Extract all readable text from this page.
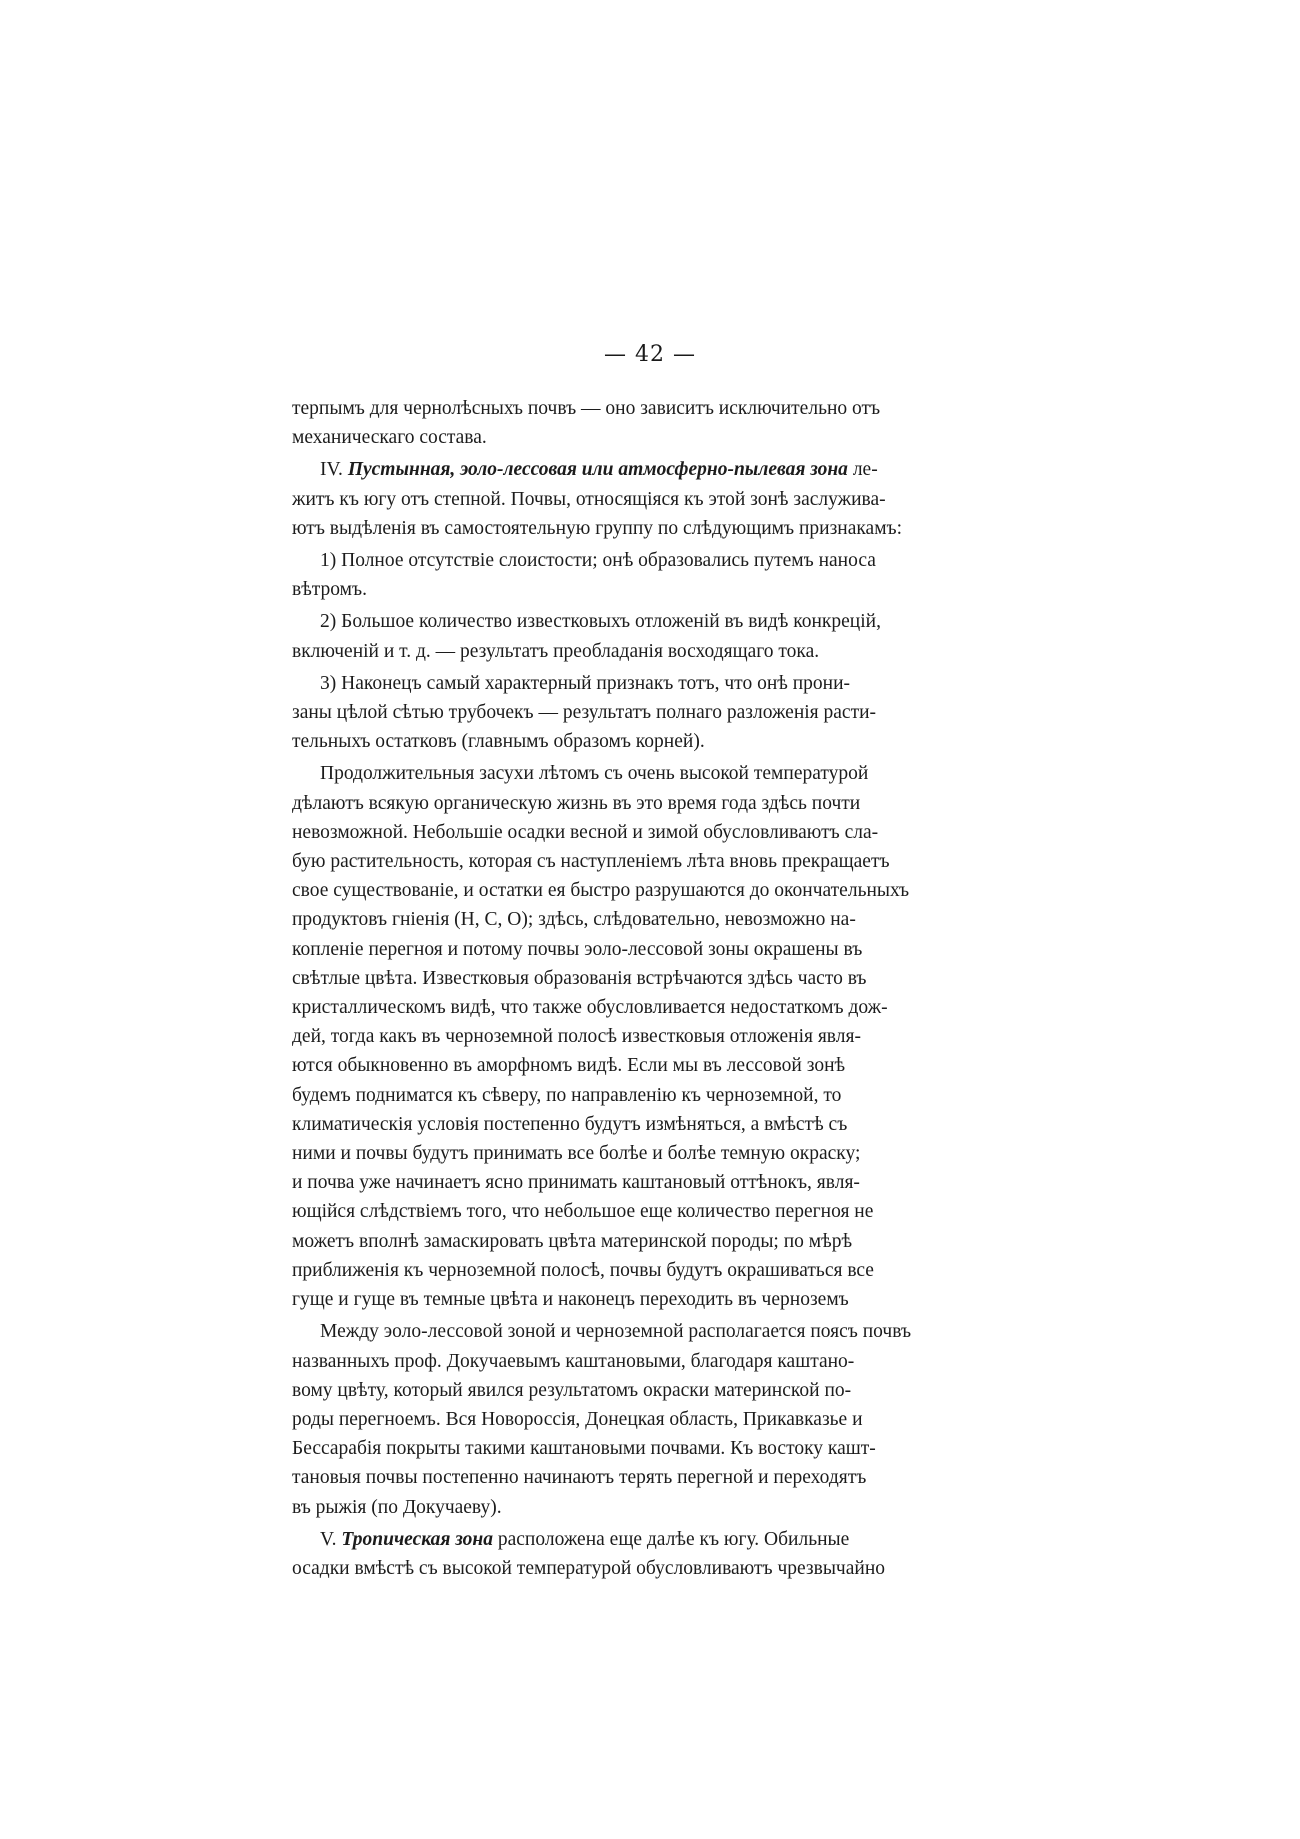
— 42 —

терпымъ для чернолѣсныхъ почвъ — оно зависитъ исключительно отъ
механическаго состава.

IV. Пустынная, эоло-лессовая или атмосферно-пылевая зона ле-
житъ къ югу отъ степной. Почвы, относящіяся къ этой зонѣ заслужива-
ютъ выдѣленія въ самостоятельную группу по слѣдующимъ признакамъ:

1) Полное отсутствіе слоистости; онѣ образовались путемъ наноса
вѣтромъ.

2) Большое количество известковыхъ отложеній въ видѣ конкрецій,
включеній и т. д. — результатъ преобладанія восходящаго тока.

3) Наконецъ самый характерный признакъ тотъ, что онѣ прони-
заны цѣлой сѣтью трубочекъ — результатъ полнаго разложенія расти-
тельныхъ остатковъ (главнымъ образомъ корней).

Продолжительныя засухи лѣтомъ съ очень высокой температурой
дѣлаютъ всякую органическую жизнь въ это время года здѣсь почти
невозможной. Небольшіе осадки весной и зимой обусловливаютъ сла-
бую растительность, которая съ наступленіемъ лѣта вновь прекращаетъ
свое существованіе, и остатки ея быстро разрушаются до окончательныхъ
продуктовъ гніенія (H, C, O); здѣсь, слѣдовательно, невозможно на-
копленіе перегноя и потому почвы эоло-лессовой зоны окрашены въ
свѣтлые цвѣта. Известковыя образованія встрѣчаются здѣсь часто въ
кристаллическомъ видѣ, что также обусловливается недостаткомъ дож-
дей, тогда какъ въ черноземной полосѣ известковыя отложенія явля-
ются обыкновенно въ аморфномъ видѣ. Если мы въ лессовой зонѣ
будемъ подниматся къ сѣверу, по направленію къ черноземной, то
климатическія условія постепенно будутъ измѣняться, а вмѣстѣ съ
ними и почвы будутъ принимать все болѣе и болѣе темную окраску;
и почва уже начинаетъ ясно принимать каштановый оттѣнокъ, явля-
ющійся слѣдствіемъ того, что небольшое еще количество перегноя не
можетъ вполнѣ замаскировать цвѣта материнской породы; по мѣрѣ
приближенія къ черноземной полосѣ, почвы будутъ окрашиваться все
гуще и гуще въ темные цвѣта и наконецъ переходить въ черноземъ

Между эоло-лессовой зоной и черноземной располагается поясъ почвъ
названныхъ проф. Докучаевымъ каштановыми, благодаря каштано-
вому цвѣту, который явился результатомъ окраски материнской по-
роды перегноемъ. Вся Новороссія, Донецкая область, Прикавказье и
Бессарабія покрыты такими каштановыми почвами. Къ востоку кашт-
тановыя почвы постепенно начинаютъ терять перегной и переходятъ
въ рыжія (по Докучаеву).

V. Тропическая зона расположена еще далѣе къ югу. Обильные
осадки вмѣстѣ съ высокой температурой обусловливаютъ чрезвычайно
